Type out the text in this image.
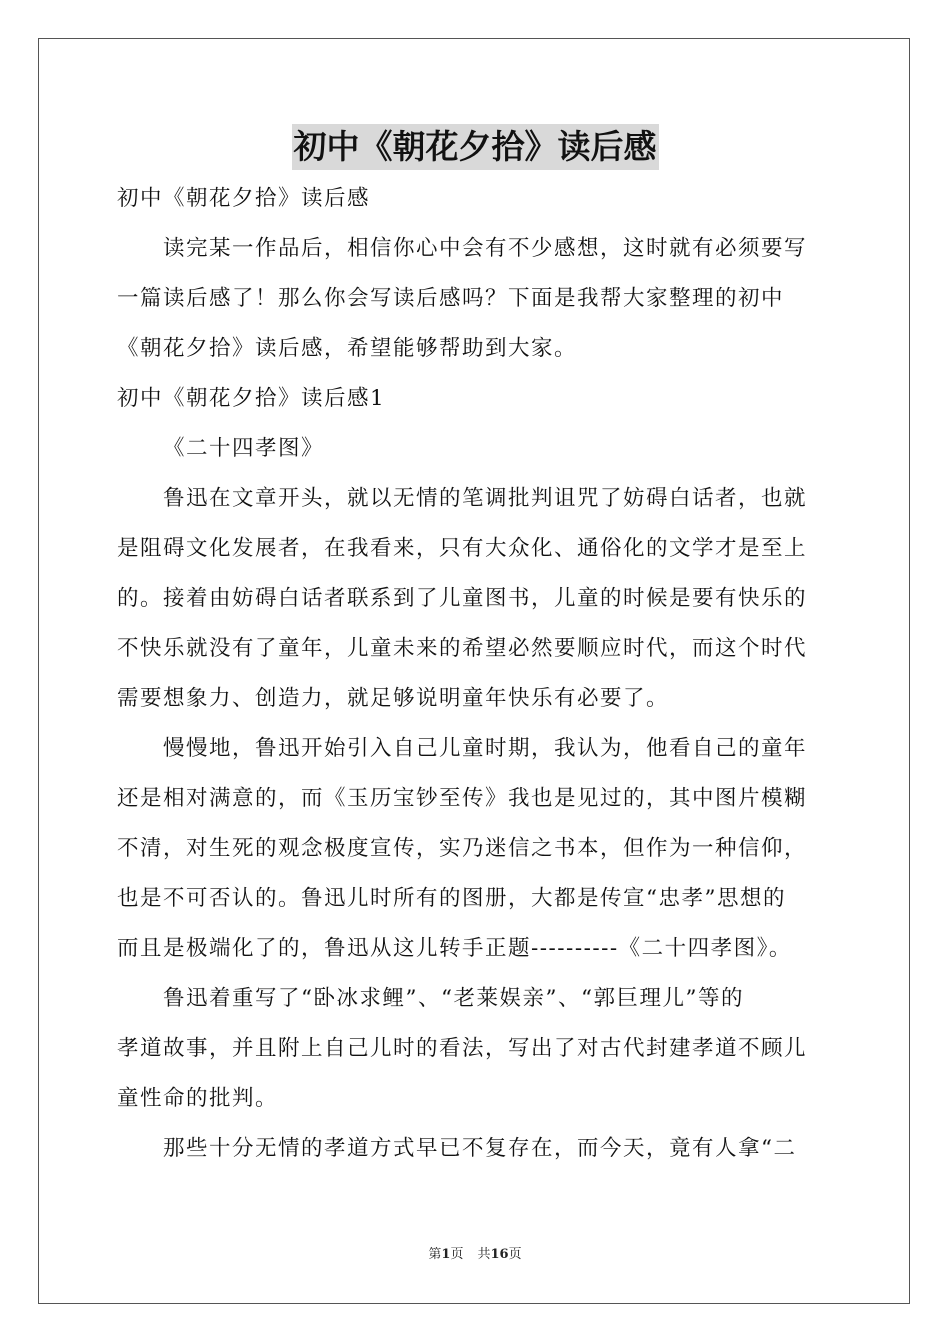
初中《朝花夕拾》读后感
初中《朝花夕拾》读后感
读完某一作品后，相信你心中会有不少感想，这时就有必须要写
一篇读后感了！那么你会写读后感吗？下面是我帮大家整理的初中
《朝花夕拾》读后感，希望能够帮助到大家。
初中《朝花夕拾》读后感1
《二十四孝图》
鲁迅在文章开头，就以无情的笔调批判诅咒了妨碍白话者，也就
是阻碍文化发展者，在我看来，只有大众化、通俗化的文学才是至上
的。接着由妨碍白话者联系到了儿童图书，儿童的时候是要有快乐的
不快乐就没有了童年，儿童未来的希望必然要顺应时代，而这个时代
需要想象力、创造力，就足够说明童年快乐有必要了。
慢慢地，鲁迅开始引入自己儿童时期，我认为，他看自己的童年
还是相对满意的，而《玉历宝钞至传》我也是见过的，其中图片模糊
不清，对生死的观念极度宣传，实乃迷信之书本，但作为一种信仰，
也是不可否认的。鲁迅儿时所有的图册，大都是传宣“忠孝”思想的
而且是极端化了的，鲁迅从这儿转手正题----------《二十四孝图》。
鲁迅着重写了“卧冰求鲤”、“老莱娱亲”、“郭巨理儿”等的
孝道故事，并且附上自己儿时的看法，写出了对古代封建孝道不顾儿
童性命的批判。
那些十分无情的孝道方式早已不复存在，而今天，竟有人拿“二
第1页 共16页
